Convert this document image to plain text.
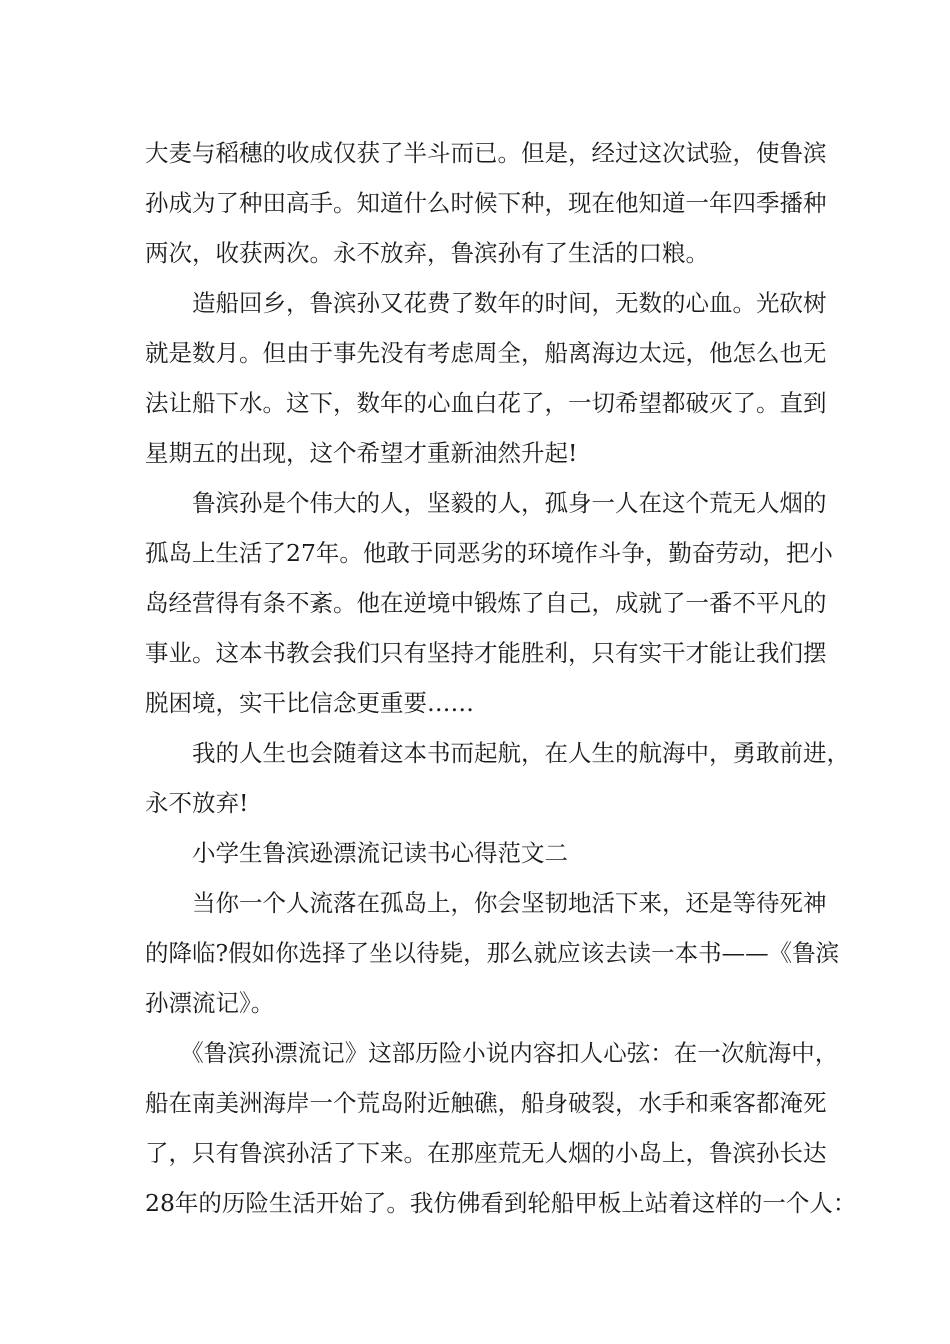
大麦与稻穗的收成仅获了半斗而已。但是，经过这次试验，使鲁滨
孙成为了种田高手。知道什么时候下种，现在他知道一年四季播种
两次，收获两次。永不放弃，鲁滨孙有了生活的口粮。

　　造船回乡，鲁滨孙又花费了数年的时间，无数的心血。光砍树
就是数月。但由于事先没有考虑周全，船离海边太远，他怎么也无
法让船下水。这下，数年的心血白花了，一切希望都破灭了。直到
星期五的出现，这个希望才重新油然升起!

　　鲁滨孙是个伟大的人，坚毅的人，孤身一人在这个荒无人烟的
孤岛上生活了27年。他敢于同恶劣的环境作斗争，勤奋劳动，把小
岛经营得有条不紊。他在逆境中锻炼了自己，成就了一番不平凡的
事业。这本书教会我们只有坚持才能胜利，只有实干才能让我们摆
脱困境，实干比信念更重要……

　　我的人生也会随着这本书而起航，在人生的航海中，勇敢前进，
永不放弃!

　　小学生鲁滨逊漂流记读书心得范文二

　　当你一个人流落在孤岛上，你会坚韧地活下来，还是等待死神
的降临?假如你选择了坐以待毙，那么就应该去读一本书——《鲁滨
孙漂流记》。

　　《鲁滨孙漂流记》这部历险小说内容扣人心弦：在一次航海中，
船在南美洲海岸一个荒岛附近触礁，船身破裂，水手和乘客都淹死
了，只有鲁滨孙活了下来。在那座荒无人烟的小岛上，鲁滨孙长达
28年的历险生活开始了。我仿佛看到轮船甲板上站着这样的一个人：
